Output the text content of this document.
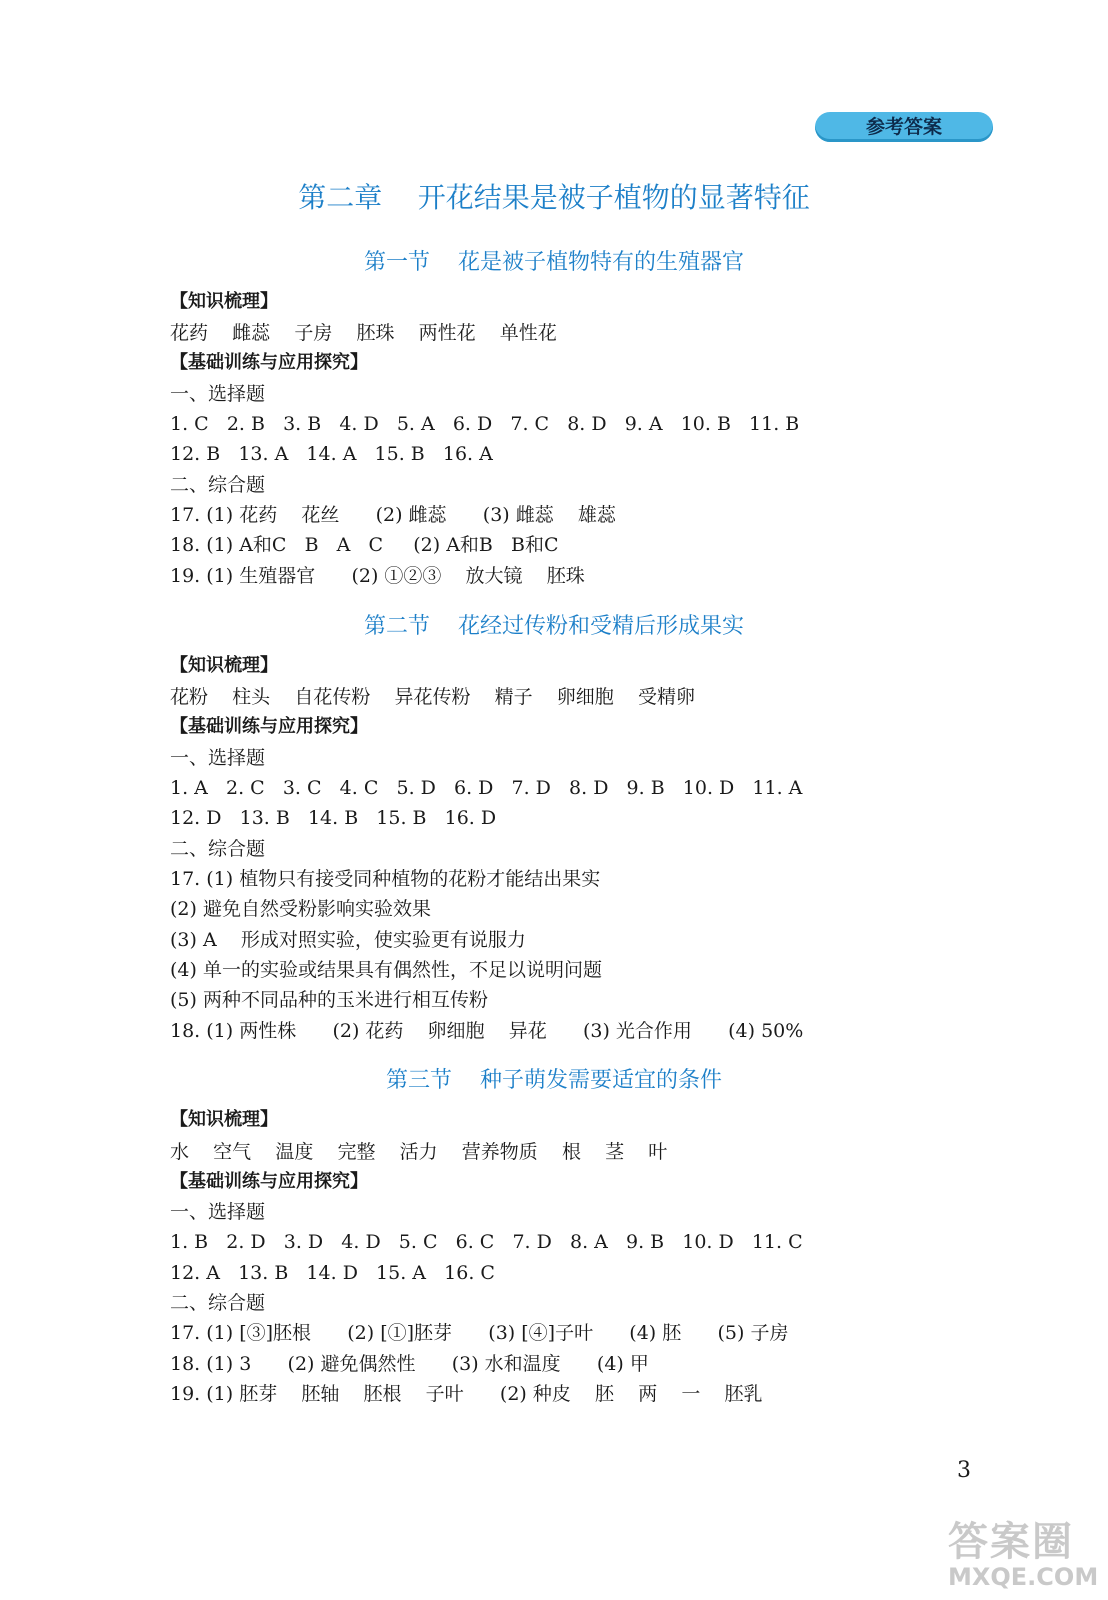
参考答案
第二章    开花结果是被子植物的显著特征
第一节    花是被子植物特有的生殖器官
【知识梳理】
花药    雌蕊    子房    胚珠    两性花    单性花
【基础训练与应用探究】
一、选择题
1. C   2. B   3. B   4. D   5. A   6. D   7. C   8. D   9. A   10. B   11. B
12. B   13. A   14. A   15. B   16. A
二、综合题
17. (1) 花药    花丝      (2) 雌蕊      (3) 雌蕊    雄蕊
18. (1) A和C   B   A   C     (2) A和B   B和C
19. (1) 生殖器官      (2) ①②③    放大镜    胚珠
第二节    花经过传粉和受精后形成果实
【知识梳理】
花粉    柱头    自花传粉    异花传粉    精子    卵细胞    受精卵
【基础训练与应用探究】
一、选择题
1. A   2. C   3. C   4. C   5. D   6. D   7. D   8. D   9. B   10. D   11. A
12. D   13. B   14. B   15. B   16. D
二、综合题
17. (1) 植物只有接受同种植物的花粉才能结出果实
(2) 避免自然受粉影响实验效果
(3) A    形成对照实验，使实验更有说服力
(4) 单一的实验或结果具有偶然性，不足以说明问题
(5) 两种不同品种的玉米进行相互传粉
18. (1) 两性株      (2) 花药    卵细胞    异花      (3) 光合作用      (4) 50%
第三节    种子萌发需要适宜的条件
【知识梳理】
水    空气    温度    完整    活力    营养物质    根    茎    叶
【基础训练与应用探究】
一、选择题
1. B   2. D   3. D   4. D   5. C   6. C   7. D   8. A   9. B   10. D   11. C
12. A   13. B   14. D   15. A   16. C
二、综合题
17. (1) [③]胚根      (2) [①]胚芽      (3) [④]子叶      (4) 胚      (5) 子房
18. (1) 3      (2) 避免偶然性      (3) 水和温度      (4) 甲
19. (1) 胚芽    胚轴    胚根    子叶      (2) 种皮    胚    两    一    胚乳
3
答案圈
MXQE.COM
